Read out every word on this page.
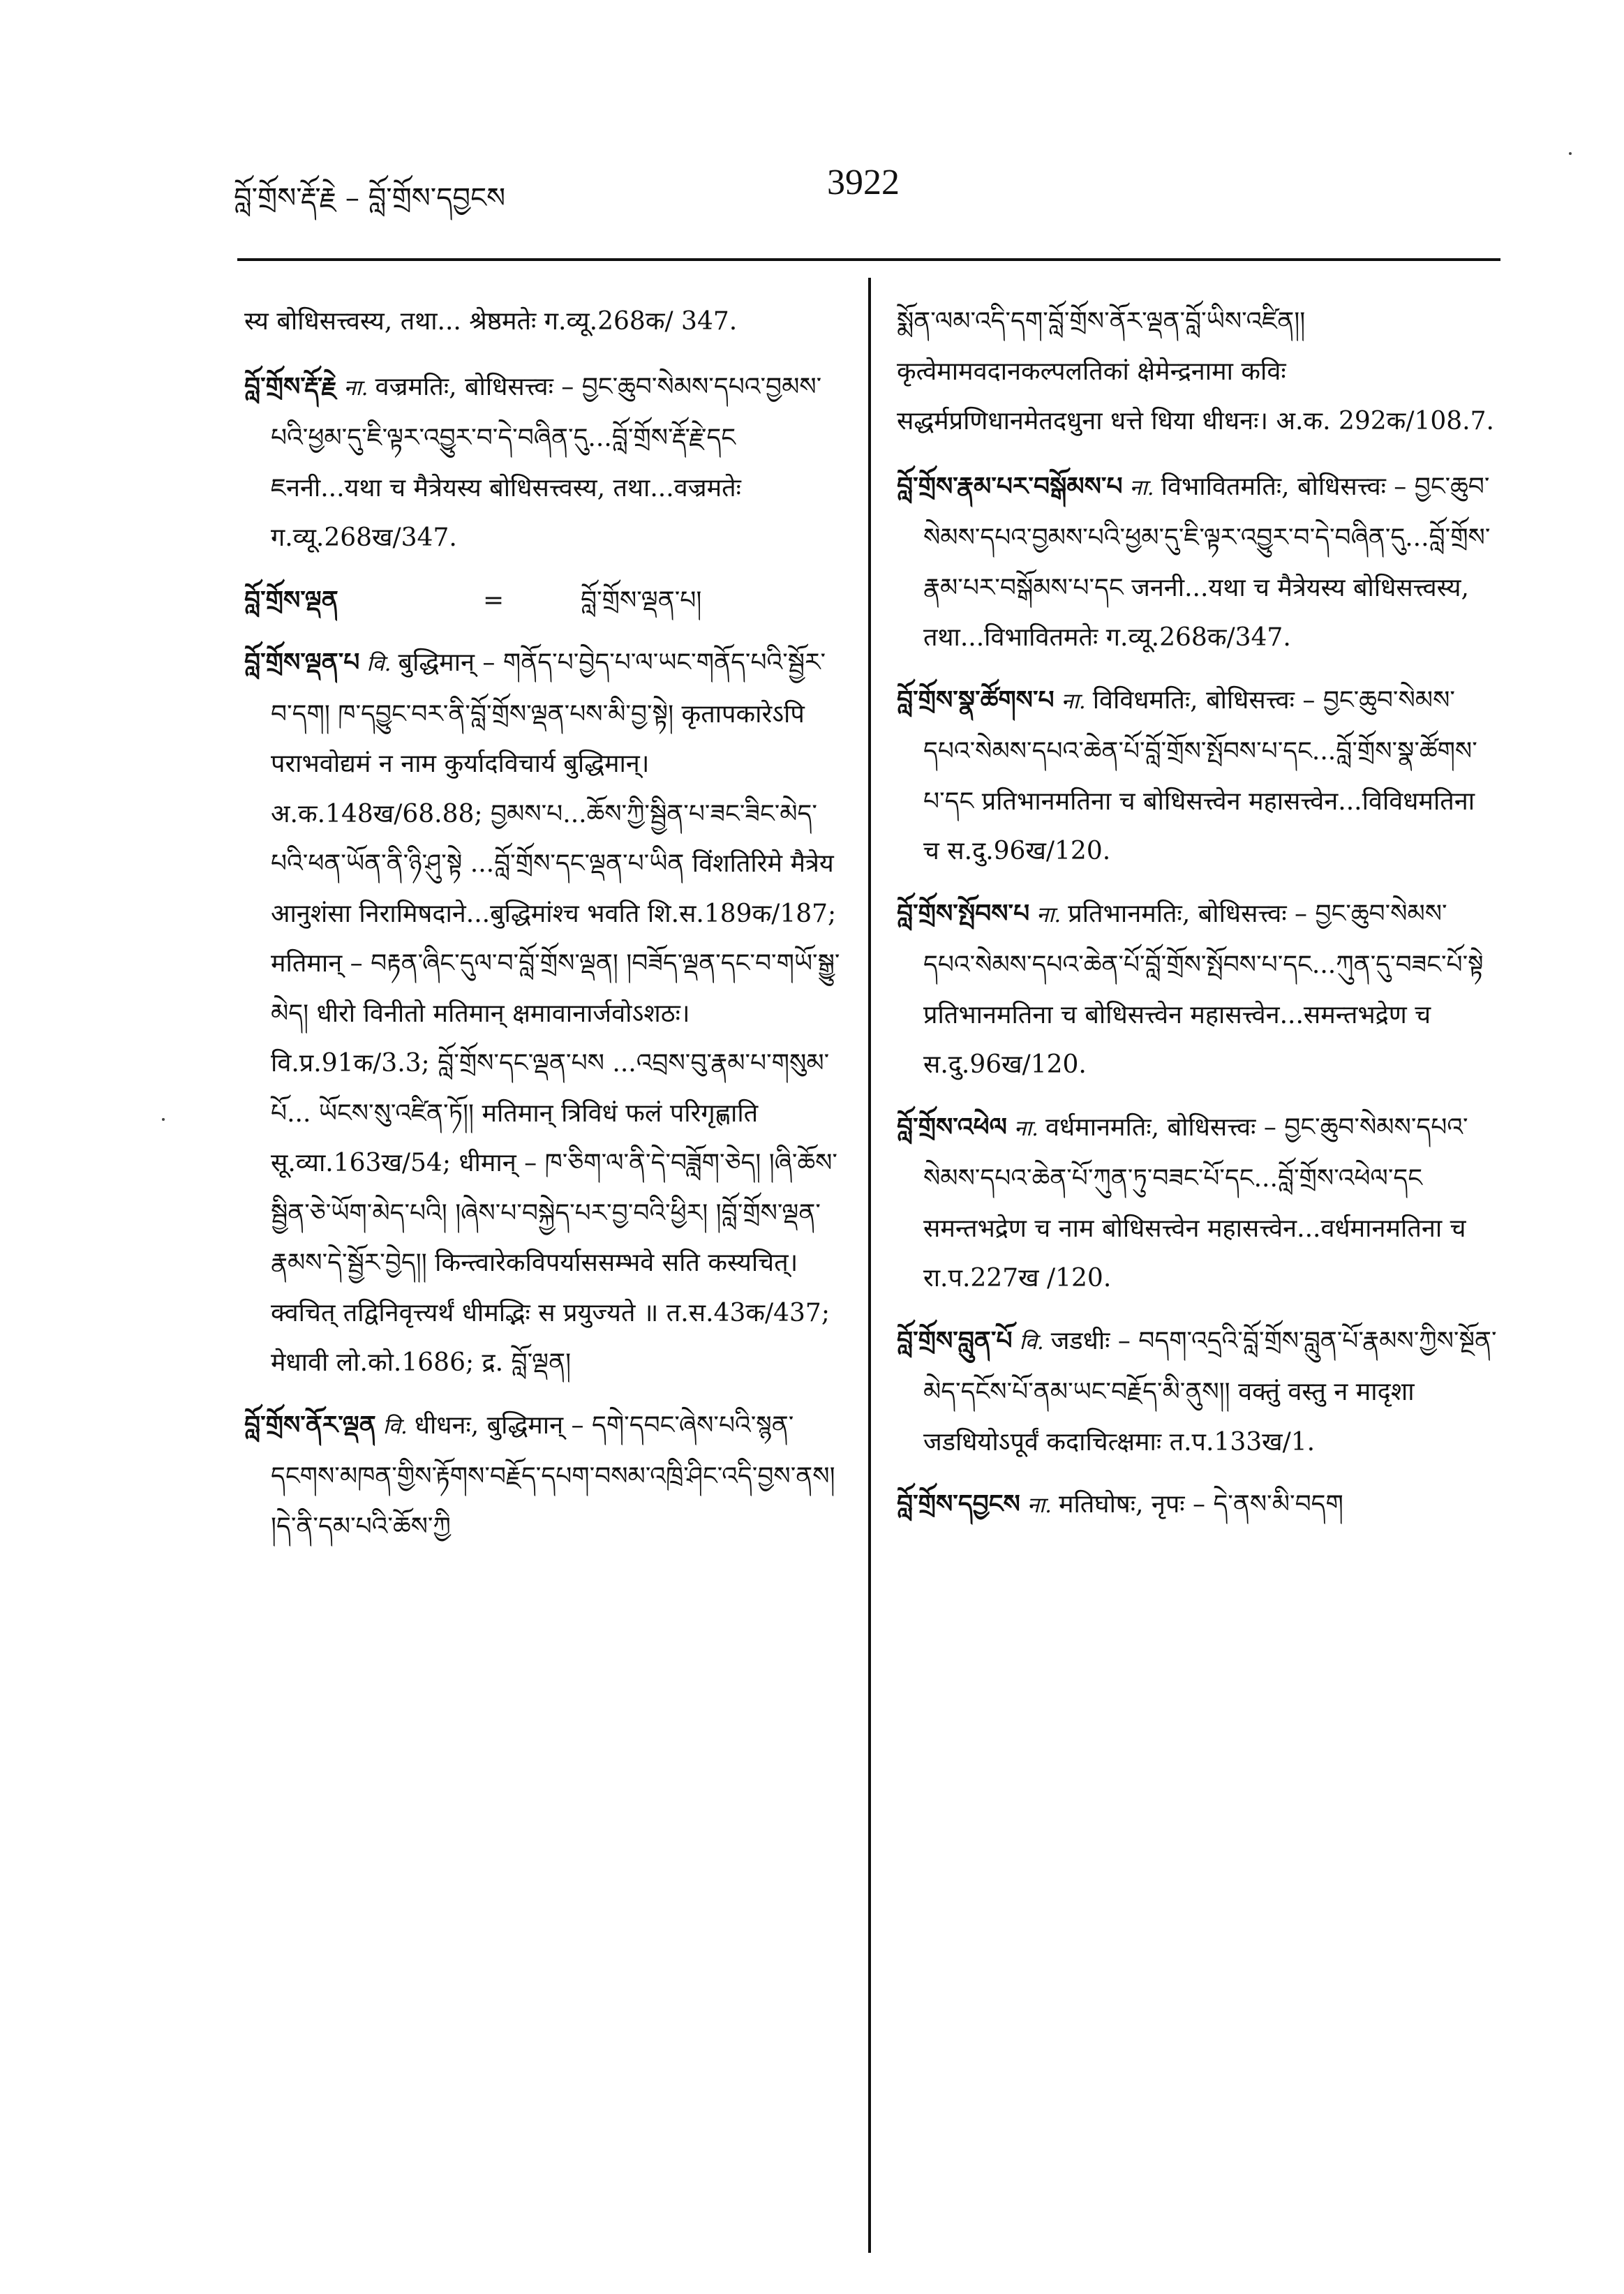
བློ་གྲོས་རྡོ་རྗེ – བློ་གྲོས་དབྱངས	3922

स्य बोधिसत्त्वस्य, तथा... श्रेष्ठमतेः ग.व्यू.268क/ 347.

བློ་གྲོས་རྡོ་རྗེ ना. वज्रमतिः, बोधिसत्त्वः – བྱང་ཆུབ་སེམས་དཔའ་བྱམས་པའི་ཕྱམ་དུ་ཇི་ལྟར་འབྱུར་བ་དེ་བཞིན་དུ...བློ་གྲོས་རྡོ་རྗེ་དང ཇननी...यथा च मैत्रेयस्य बोधिसत्त्वस्य, तथा...वज्रमतेः ग.व्यू.268ख/347.

བློ་གྲོས་ལྡན	=	བློ་གྲོས་ལྡན་པ།

བློ་གྲོས་ལྡན་པ वि. बुद्धिमान् – གནོད་པ་བྱེད་པ་ལ་ཡང་གནོད་པའི་སྦྱོར་བ་དག། ཁ་དབྱུང་བར་ནི་བློ་གྲོས་ལྡན་པས་མི་བྱ་སྟེ། कृतापकारेऽपि पराभवोद्यमं न नाम कुर्यादविचार्य बुद्धिमान्। अ.क.148ख/68.88; བྱམས་པ...ཆོས་ཀྱི་སྦྱིན་པ་ཟང་ཟིང་མེད་པའི་ཕན་ཡོན་ནི་ཉི་ཤུ་སྟེ ...བློ་གྲོས་དང་ལྡན་པ་ཡིན विंशतिरिमे मैत्रेय आनुशंसा निरामिषदाने...बुद्धिमांश्च भवति शि.स.189क/187; मतिमान् – བརྟན་ཞིང་དུལ་བ་བློ་གྲོས་ལྡན། །བཟོད་ལྡན་དང་བ་གཡོ་སྒྱུ་མེད། धीरो विनीतो मतिमान् क्षमावानार्जवोऽशठः। वि.प्र.91क/3.3; བློ་གྲོས་དང་ལྡན་པས ...འབྲས་བུ་རྣམ་པ་གསུམ་པོ... ཡོངས་སུ་འཛིན་ཏོ།། मतिमान् त्रिविधं फलं परिगृह्णाति सू.व्या.163ख/54; धीमान् – ཁ་ཅིག་ལ་ནི་དེ་བཟློག་ཅེད། །ཞི་ཆོས་སྦྱིན་ཅེ་ཡོག་མེད་པའི། །ཞེས་པ་བསྐྱེད་པར་བྱ་བའི་ཕྱིར། །བློ་གྲོས་ལྡན་རྣམས་དེ་སྦྱོར་བྱེད།། किन्त्वारेकविपर्याससम्भवे सति कस्यचित्। क्वचित् तद्विनिवृत्त्यर्थं धीमद्भिः स प्रयुज्यते ॥ त.स.43क/437; मेधावी लो.को.1686; द्र. བློ་ལྡན།

བློ་གྲོས་ནོར་ལྡན वि. धीधनः, बुद्धिमान् – དགེ་དབང་ཞེས་པའི་སྙན་དངགས་མཁན་གྱིས་རྟོགས་བརྗོད་དཔག་བསམ་འཁྲི་ཤིང་འདི་བྱས་ནས། །དེ་ནི་དམ་པའི་ཆོས་ཀྱི

སྨོན་ལམ་འདི་དག་བློ་གྲོས་ནོར་ལྡན་བློ་ཡིས་འཛིན།། कृत्वेमामवदानकल्पलतिकां क्षेमेन्द्रनामा कविः सद्धर्मप्रणिधानमेतदधुना धत्ते धिया धीधनः। अ.क. 292क/108.7.

བློ་གྲོས་རྣམ་པར་བསྒོམས་པ ना. विभावितमतिः, बोधिसत्त्वः – བྱང་ཆུབ་སེམས་དཔའ་བྱམས་པའི་ཕྱམ་དུ་ཇི་ལྟར་འབྱུར་བ་དེ་བཞིན་དུ...བློ་གྲོས་རྣམ་པར་བསྒོམས་པ་དང जननी...यथा च मैत्रेयस्य बोधिसत्त्वस्य, तथा...विभावितमतेः ग.व्यू.268क/347.

བློ་གྲོས་སྣ་ཚོགས་པ ना. विविधमतिः, बोधिसत्त्वः – བྱང་ཆུབ་སེམས་དཔའ་སེམས་དཔའ་ཆེན་པོ་བློ་གྲོས་སྤོབས་པ་དང...བློ་གྲོས་སྣ་ཚོགས་པ་དང प्रतिभानमतिना च बोधिसत्त्वेन महासत्त्वेन...विविधमतिना च स.दु.96ख/120.

བློ་གྲོས་སྤོབས་པ ना. प्रतिभानमतिः, बोधिसत्त्वः – བྱང་ཆུབ་སེམས་དཔའ་སེམས་དཔའ་ཆེན་པོ་བློ་གྲོས་སྤོབས་པ་དང...ཀུན་དུ་བཟང་པོ་སྟེ प्रतिभानमतिना च बोधिसत्त्वेन महासत्त्वेन...समन्तभद्रेण च स.दु.96ख/120.

བློ་གྲོས་འཕེལ ना. वर्धमानमतिः, बोधिसत्त्वः – བྱང་ཆུབ་སེམས་དཔའ་སེམས་དཔའ་ཆེན་པོ་ཀུན་ཏུ་བཟང་པོ་དང...བློ་གྲོས་འཕེལ་དང समन्तभद्रेण च नाम बोधिसत्त्वेन महासत्त्वेन...वर्धमानमतिना च रा.प.227ख /120.

བློ་གྲོས་བླུན་པོ वि. जडधीः – བདག་འདྲའི་བློ་གྲོས་བླུན་པོ་རྣམས་ཀྱིས་སྔོན་མེད་དངོས་པོ་ནམ་ཡང་བརྗོད་མི་ནུས།། वक्तुं वस्तु न मादृशा जडधियोऽपूर्वं कदाचित्क्षमाः त.प.133ख/1.

བློ་གྲོས་དབྱངས ना. मतिघोषः, नृपः – དེ་ནས་མི་བདག
